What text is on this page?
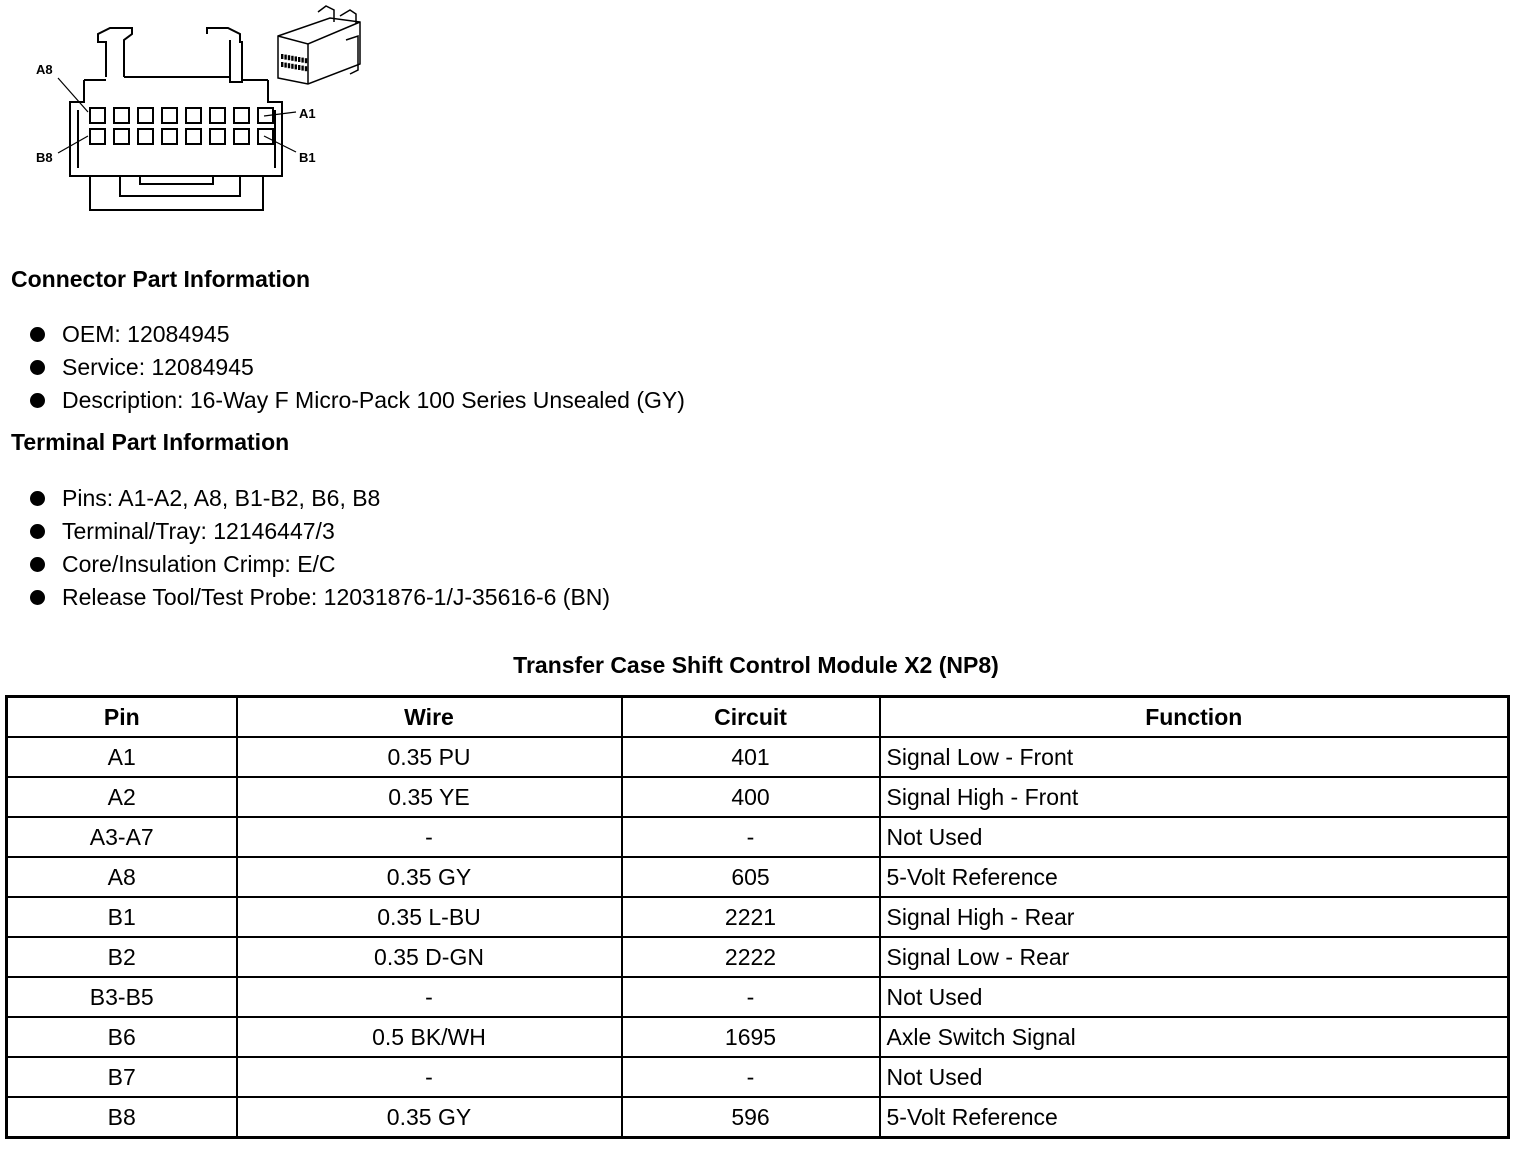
A8
B8
A1
B1
Connector Part Information
OEM: 12084945
Service: 12084945
Description: 16-Way F Micro-Pack 100 Series Unsealed (GY)
Terminal Part Information
Pins: A1-A2, A8, B1-B2, B6, B8
Terminal/Tray: 12146447/3
Core/Insulation Crimp: E/C
Release Tool/Test Probe: 12031876-1/J-35616-6 (BN)
Transfer Case Shift Control Module X2 (NP8)
Pin	Wire	Circuit	Function
A1	0.35 PU	401	Signal Low - Front
A2	0.35 YE	400	Signal High - Front
A3-A7	-	-	Not Used
A8	0.35 GY	605	5-Volt Reference
B1	0.35 L-BU	2221	Signal High - Rear
B2	0.35 D-GN	2222	Signal Low - Rear
B3-B5	-	-	Not Used
B6	0.5 BK/WH	1695	Axle Switch Signal
B7	-	-	Not Used
B8	0.35 GY	596	5-Volt Reference
